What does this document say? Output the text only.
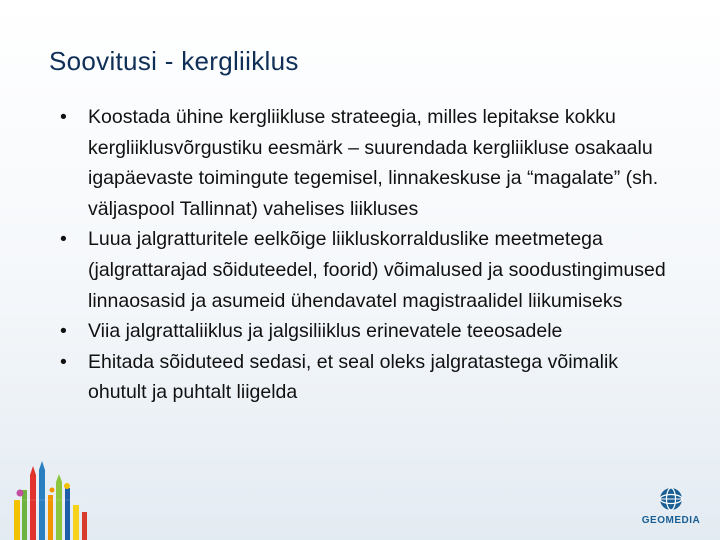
Soovitusi - kergliiklus
• Koostada ühine kergliikluse strateegia, milles lepitakse kokku kergliiklusvõrgustiku eesmärk – suurendada kergliikluse osakaalu igapäevaste toimingute tegemisel, linnakeskuse ja “magalate” (sh. väljaspool Tallinnat) vahelises liikluses
• Luua jalgratturitele eelkõige liikluskorralduslike meetmetega (jalgrattarajad sõiduteedel, foorid) võimalused ja soodustingimused linnaosasid ja asumeid ühendavatel magistraalidel liikumiseks
• Viia jalgrattaliiklus ja jalgsiliiklus erinevatele teeosadele
• Ehitada sõiduteed sedasi, et seal oleks jalgratastega võimalik ohutult ja puhtalt liigelda
GEOMEDIA
